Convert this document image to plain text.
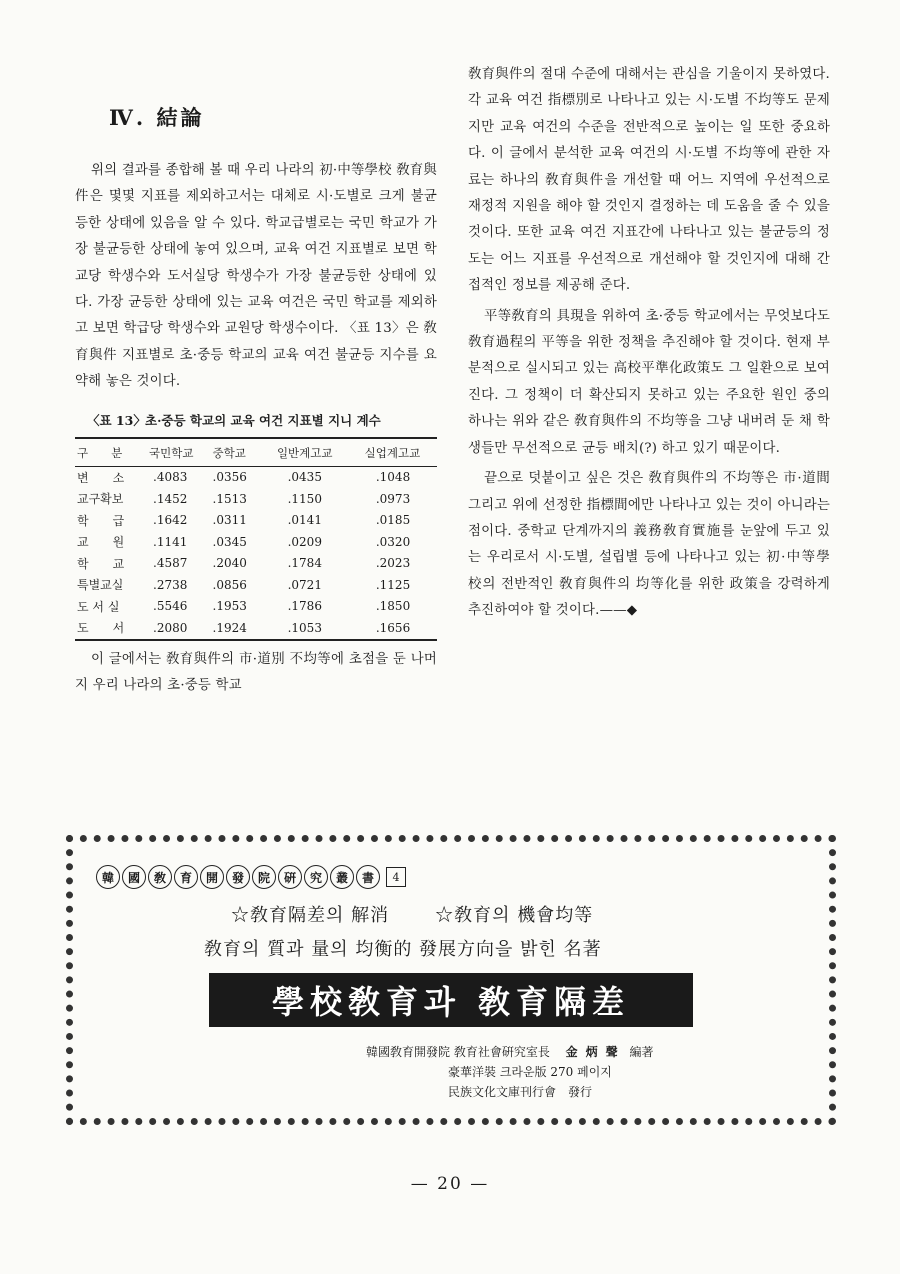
Ⅳ. 結論

위의 결과를 종합해 볼 때 우리 나라의 初·中等學校 敎育與件은 몇몇 지표를 제외하고서는 대체로 시·도별로 크게 불균등한 상태에 있음을 알 수 있다. 학교급별로는 국민 학교가 가장 불균등한 상태에 놓여 있으며, 교육 여건 지표별로 보면 학교당 학생수와 도서실당 학생수가 가장 불균등한 상태에 있다. 가장 균등한 상태에 있는 교육 여건은 국민 학교를 제외하고 보면 학급당 학생수와 교원당 학생수이다. 〈표 13〉은 敎育與件 지표별로 초·중등 학교의 교육 여건 불균등 지수를 요약해 놓은 것이다.

〈표 13〉 초·중등 학교의 교육 여건 지표별 지니 계수
구　　분	국민학교	중학교	일반계고교	실업계고교
변　　소	.4083	.0356	.0435	.1048
교구확보	.1452	.1513	.1150	.0973
학　　급	.1642	.0311	.0141	.0185
교　　원	.1141	.0345	.0209	.0320
학　　교	.4587	.2040	.1784	.2023
특별교실	.2738	.0856	.0721	.1125
도 서 실	.5546	.1953	.1786	.1850
도　　서	.2080	.1924	.1053	.1656

이 글에서는 敎育與件의 市·道別 不均等에 초점을 둔 나머지 우리 나라의 초·중등 학교

敎育與件의 절대 수준에 대해서는 관심을 기울이지 못하였다. 각 교육 여건 指標別로 나타나고 있는 시·도별 不均等도 문제지만 교육 여건의 수준을 전반적으로 높이는 일 또한 중요하다. 이 글에서 분석한 교육 여건의 시·도별 不均等에 관한 자료는 하나의 敎育與件을 개선할 때 어느 지역에 우선적으로 재정적 지원을 해야 할 것인지 결정하는 데 도움을 줄 수 있을 것이다. 또한 교육 여건 지표간에 나타나고 있는 불균등의 정도는 어느 지표를 우선적으로 개선해야 할 것인지에 대해 간접적인 정보를 제공해 준다.

平等敎育의 具現을 위하여 초·중등 학교에서는 무엇보다도 敎育過程의 平等을 위한 정책을 추진해야 할 것이다. 현재 부분적으로 실시되고 있는 高校平準化政策도 그 일환으로 보여진다. 그 정책이 더 확산되지 못하고 있는 주요한 원인 중의 하나는 위와 같은 敎育與件의 不均等을 그냥 내버려 둔 채 학생들만 무선적으로 균등 배치(?) 하고 있기 때문이다.

끝으로 덧붙이고 싶은 것은 敎育與件의 不均等은 市·道間 그리고 위에 선정한 指標間에만 나타나고 있는 것이 아니라는 점이다. 중학교 단계까지의 義務敎育實施를 눈앞에 두고 있는 우리로서 시·도별, 설립별 등에 나타나고 있는 初·中等學校의 전반적인 敎育與件의 均等化를 위한 政策을 강력하게 추진하여야 할 것이다.——◆

韓	國	敎	育	開	發	院	硏	究	叢	書	4
☆敎育隔差의 解消	☆敎育의 機會均等
敎育의 質과 量의 均衡的 發展方向을 밝힌 名著
學校敎育과 敎育隔差
韓國敎育開發院 敎育社會硏究室長 金炳聲 編著
豪華洋裝 크라운版 270 페이지
民族文化文庫刊行會　發行
— 20 —
